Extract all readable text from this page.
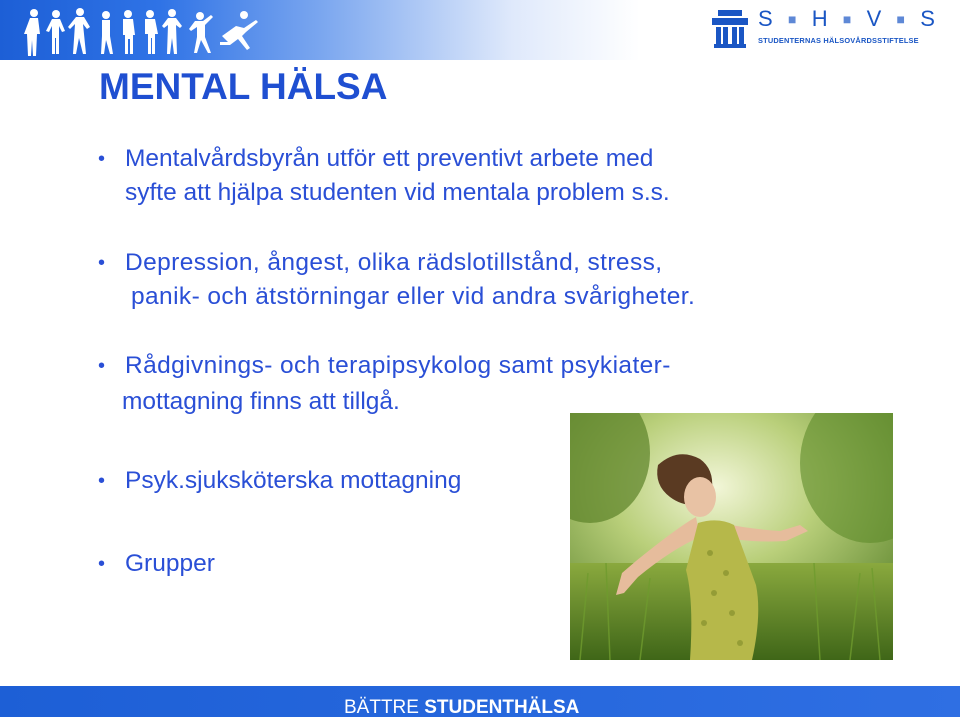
S ■ H ■ V ■ S
STUDENTERNAS HÄLSOVÅRDSSTIFTELSE
MENTAL HÄLSA
• Mentalvårdsbyrån utför ett preventivt arbete med
syfte att hjälpa studenten vid mentala problem s.s.
• Depression, ångest, olika rädslotillstånd, stress,
panik- och ätstörningar eller vid andra svårigheter.
• Rådgivnings- och terapipsykolog samt psykiater-
mottagning finns att tillgå.
• Psyk.sjuksköterska mottagning
• Grupper
BÄTTRE STUDENTHÄLSA
